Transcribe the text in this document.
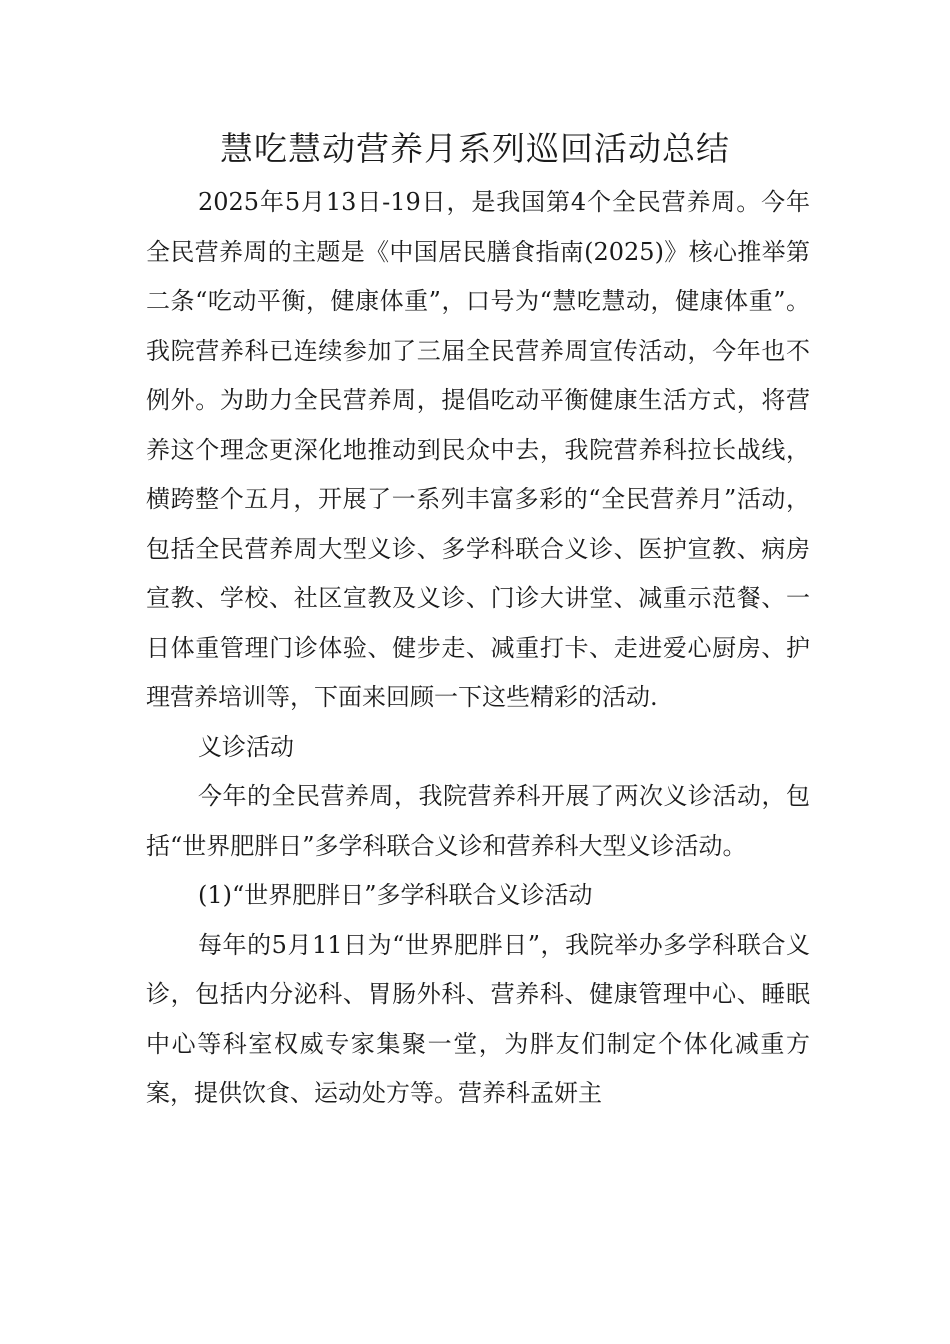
慧吃慧动营养月系列巡回活动总结

2025年5月13日-19日，是我国第4个全民营养周。今年全民营养周的主题是《中国居民膳食指南(2025)》核心推举第二条“吃动平衡，健康体重”，口号为“慧吃慧动，健康体重”。我院营养科已连续参加了三届全民营养周宣传活动，今年也不例外。为助力全民营养周，提倡吃动平衡健康生活方式，将营养这个理念更深化地推动到民众中去，我院营养科拉长战线，横跨整个五月，开展了一系列丰富多彩的“全民营养月”活动，包括全民营养周大型义诊、多学科联合义诊、医护宣教、病房宣教、学校、社区宣教及义诊、门诊大讲堂、减重示范餐、一日体重管理门诊体验、健步走、减重打卡、走进爱心厨房、护理营养培训等，下面来回顾一下这些精彩的活动.

义诊活动

今年的全民营养周，我院营养科开展了两次义诊活动，包括“世界肥胖日”多学科联合义诊和营养科大型义诊活动。

(1)“世界肥胖日”多学科联合义诊活动

每年的5月11日为“世界肥胖日”，我院举办多学科联合义诊，包括内分泌科、胃肠外科、营养科、健康管理中心、睡眠中心等科室权威专家集聚一堂，为胖友们制定个体化减重方案，提供饮食、运动处方等。营养科孟妍主
